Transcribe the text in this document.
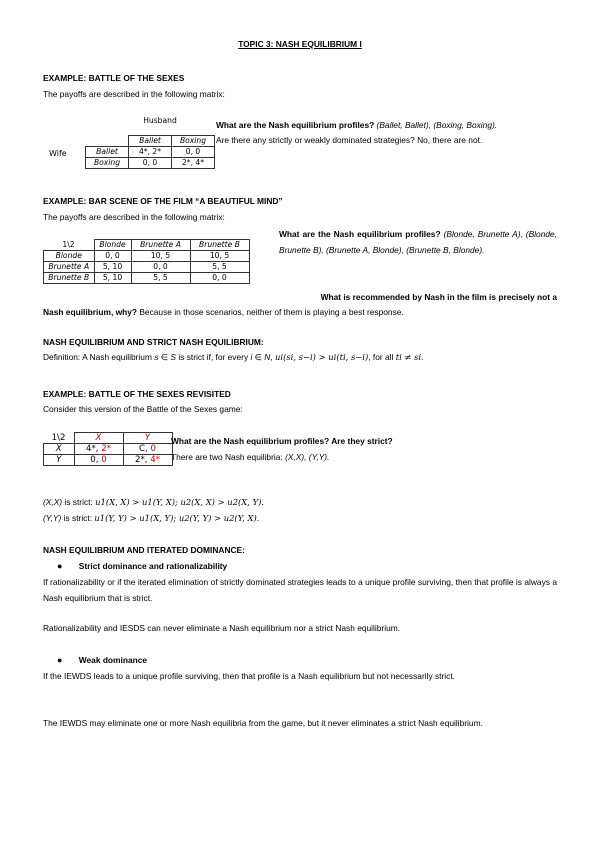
TOPIC 3: NASH EQUILIBRIUM I
EXAMPLE: BATTLE OF THE SEXES
The payoffs are described in the following matrix:
Husband
Wife
	Ballet	Boxing
Ballet	4*, 2*	0, 0
Boxing	0, 0	2*, 4*
What are the Nash equilibrium profiles? (Ballet, Ballet), (Boxing, Boxing).
Are there any strictly or weakly dominated strategies? No, there are not.
EXAMPLE: BAR SCENE OF THE FILM “A BEAUTIFUL MIND”
The payoffs are described in the following matrix:
1\2	Blonde	Brunette A	Brunette B
Blonde	0, 0	10, 5	10, 5
Brunette A	5, 10	0, 0	5, 5
Brunette B	5, 10	5, 5	0, 0
What are the Nash equilibrium profiles? (Blonde, Brunette A), (Blonde, Brunette B), (Brunette A, Blonde), (Brunette B, Blonde).
What is recommended by Nash in the film is precisely not a
Nash equilibrium, why? Because in those scenarios, neither of them is playing a best response.
NASH EQUILIBRIUM AND STRICT NASH EQUILIBRIUM:
Definition: A Nash equilibrium s ∈ S is strict if, for every i ∈ N, ui(si, s−i) > ui(ti, s−i), for all ti ≠ si.
EXAMPLE: BATTLE OF THE SEXES REVISITED
Consider this version of the Battle of the Sexes game:
1\2	X	Y
X	4*, 2*	C, 0
Y	0, 0	2*, 4*
What are the Nash equilibrium profiles? Are they strict?
There are two Nash equilibria: (X,X), (Y,Y).
(X,X) is strict: u1(X, X) > u1(Y, X); u2(X, X) > u2(X, Y).
(Y,Y) is strict: u1(Y, Y) > u1(X, Y); u2(Y, Y) > u2(Y, X).
NASH EQUILIBRIUM AND ITERATED DOMINANCE:
● Strict dominance and rationalizability
If rationalizability or if the iterated elimination of strictly dominated strategies leads to a unique profile surviving, then that profile is always a Nash equilibrium that is strict.
Rationalizability and IESDS can never eliminate a Nash equilibrium nor a strict Nash equilibrium.
● Weak dominance
If the IEWDS leads to a unique profile surviving, then that profile is a Nash equilibrium but not necessarily strict.
The IEWDS may eliminate one or more Nash equilibria from the game, but it never eliminates a strict Nash equilibrium.
